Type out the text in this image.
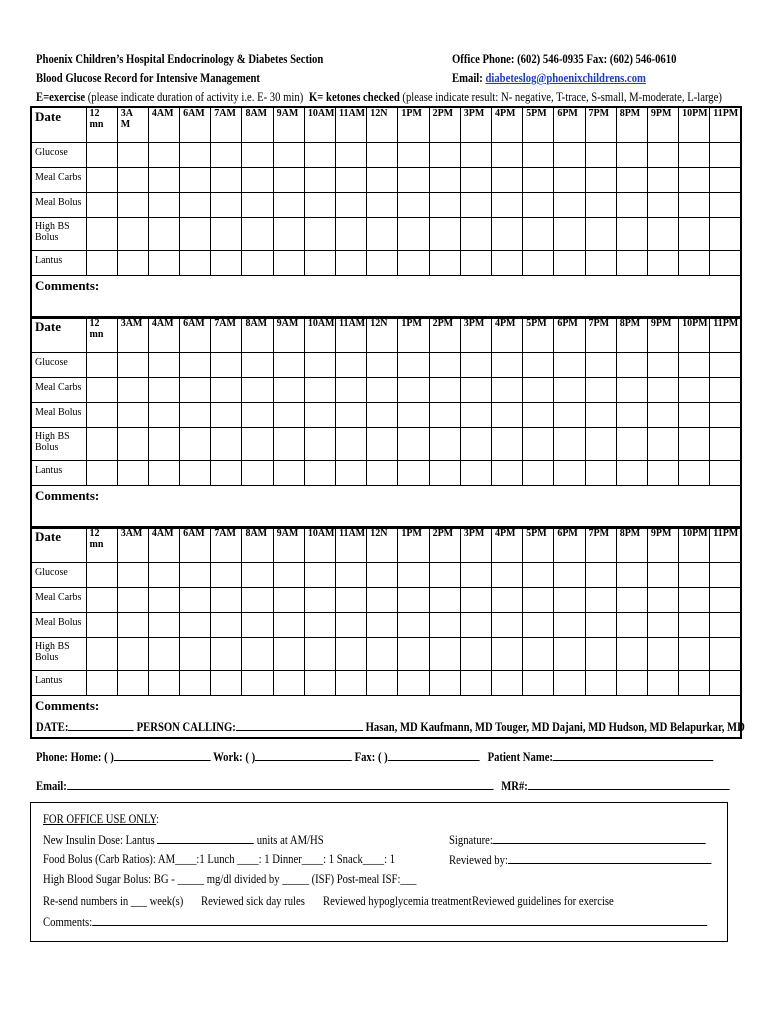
Phoenix Children’s Hospital Endocrinology & Diabetes Section	Office Phone: (602) 546-0935 Fax: (602) 546-0610
Blood Glucose Record for Intensive Management	Email: diabeteslog@phoenixchildrens.com
E=exercise (please indicate duration of activity i.e. E- 30 min) K= ketones checked (please indicate result: N- negative, T-trace, S-small, M-moderate, L-large)
Date	12 mn	3A M	4AM	6AM	7AM	8AM	9AM	10AM	11AM	12N	1PM	2PM	3PM	4PM	5PM	6PM	7PM	8PM	9PM	10PM	11PM
Glucose																					
Meal Carbs																					
Meal Bolus																					
High BS Bolus																					
Lantus																					
Comments:																					
Date	12 mn	3AM	4AM	6AM	7AM	8AM	9AM	10AM	11AM	12N	1PM	2PM	3PM	4PM	5PM	6PM	7PM	8PM	9PM	10PM	11PM
Glucose																					
Meal Carbs																					
Meal Bolus																					
High BS Bolus																					
Lantus																					
Comments:																					
Date	12 mn	3AM	4AM	6AM	7AM	8AM	9AM	10AM	11AM	12N	1PM	2PM	3PM	4PM	5PM	6PM	7PM	8PM	9PM	10PM	11PM
Glucose																					
Meal Carbs																					
Meal Bolus																					
High BS Bolus																					
Lantus																					
Comments:																					
DATE:	PERSON CALLING:	Hasan, MD Kaufmann, MD Touger, MD Dajani, MD Hudson, MD Belapurkar, MD
Phone: Home: ( )	Work: ( )	Fax: ( )	Patient Name:
Email:	MR#:
FOR OFFICE USE ONLY:
New Insulin Dose: Lantus	units at AM/HS	Signature:
Food Bolus (Carb Ratios): AM____:1 Lunch ____: 1 Dinner____: 1 Snack____: 1	Reviewed by:
High Blood Sugar Bolus: BG - _____ mg/dl divided by _____ (ISF) Post-meal ISF:___
Re-send numbers in ___ week(s) Reviewed sick day rules Reviewed hypoglycemia treatment Reviewed guidelines for exercise
Comments:
